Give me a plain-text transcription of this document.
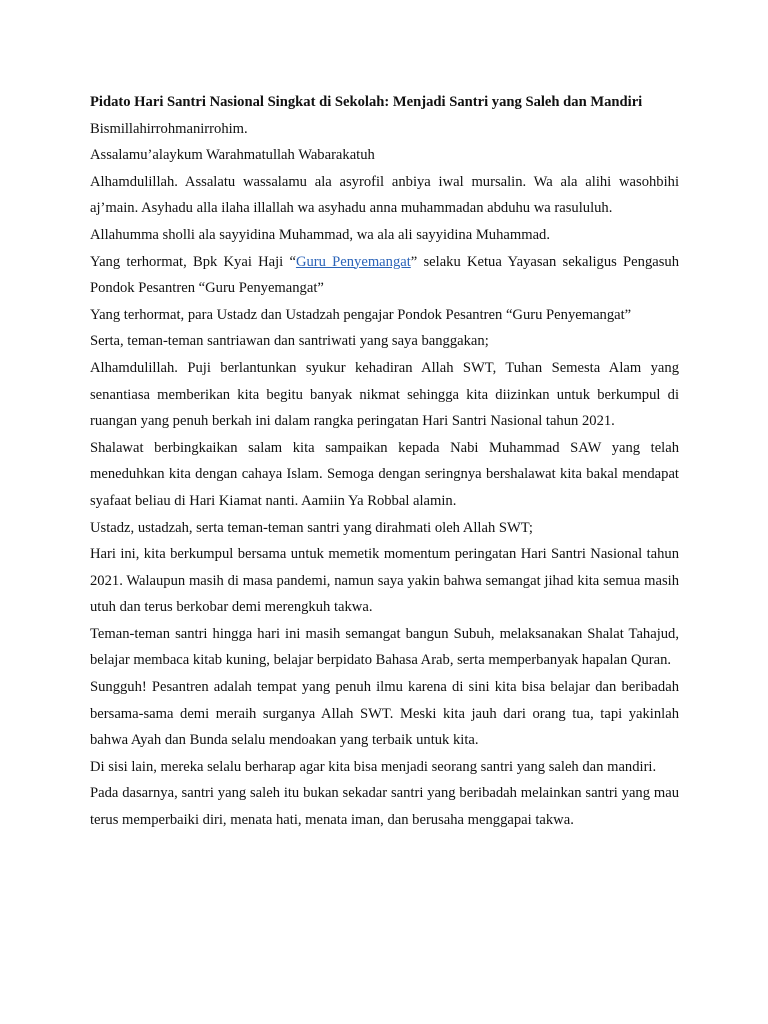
Pidato Hari Santri Nasional Singkat di Sekolah: Menjadi Santri yang Saleh dan Mandiri

Bismillahirrohmanirrohim.

Assalamu’alaykum Warahmatullah Wabarakatuh

Alhamdulillah. Assalatu wassalamu ala asyrofil anbiya iwal mursalin. Wa ala alihi wasohbihi aj’main. Asyhadu alla ilaha illallah wa asyhadu anna muhammadan abduhu wa rasululuh.

Allahumma sholli ala sayyidina Muhammad, wa ala ali sayyidina Muhammad.

Yang terhormat, Bpk Kyai Haji “Guru Penyemangat” selaku Ketua Yayasan sekaligus Pengasuh Pondok Pesantren “Guru Penyemangat”

Yang terhormat, para Ustadz dan Ustadzah pengajar Pondok Pesantren “Guru Penyemangat”

Serta, teman-teman santriawan dan santriwati yang saya banggakan;

Alhamdulillah. Puji berlantunkan syukur kehadiran Allah SWT, Tuhan Semesta Alam yang senantiasa memberikan kita begitu banyak nikmat sehingga kita diizinkan untuk berkumpul di ruangan yang penuh berkah ini dalam rangka peringatan Hari Santri Nasional tahun 2021.

Shalawat berbingkaikan salam kita sampaikan kepada Nabi Muhammad SAW yang telah meneduhkan kita dengan cahaya Islam. Semoga dengan seringnya bershalawat kita bakal mendapat syafaat beliau di Hari Kiamat nanti. Aamiin Ya Robbal alamin.

Ustadz, ustadzah, serta teman-teman santri yang dirahmati oleh Allah SWT;

Hari ini, kita berkumpul bersama untuk memetik momentum peringatan Hari Santri Nasional tahun 2021. Walaupun masih di masa pandemi, namun saya yakin bahwa semangat jihad kita semua masih utuh dan terus berkobar demi merengkuh takwa.

Teman-teman santri hingga hari ini masih semangat bangun Subuh, melaksanakan Shalat Tahajud, belajar membaca kitab kuning, belajar berpidato Bahasa Arab, serta memperbanyak hapalan Quran.

Sungguh! Pesantren adalah tempat yang penuh ilmu karena di sini kita bisa belajar dan beribadah bersama-sama demi meraih surganya Allah SWT. Meski kita jauh dari orang tua, tapi yakinlah bahwa Ayah dan Bunda selalu mendoakan yang terbaik untuk kita.

Di sisi lain, mereka selalu berharap agar kita bisa menjadi seorang santri yang saleh dan mandiri.

Pada dasarnya, santri yang saleh itu bukan sekadar santri yang beribadah melainkan santri yang mau terus memperbaiki diri, menata hati, menata iman, dan berusaha menggapai takwa.
